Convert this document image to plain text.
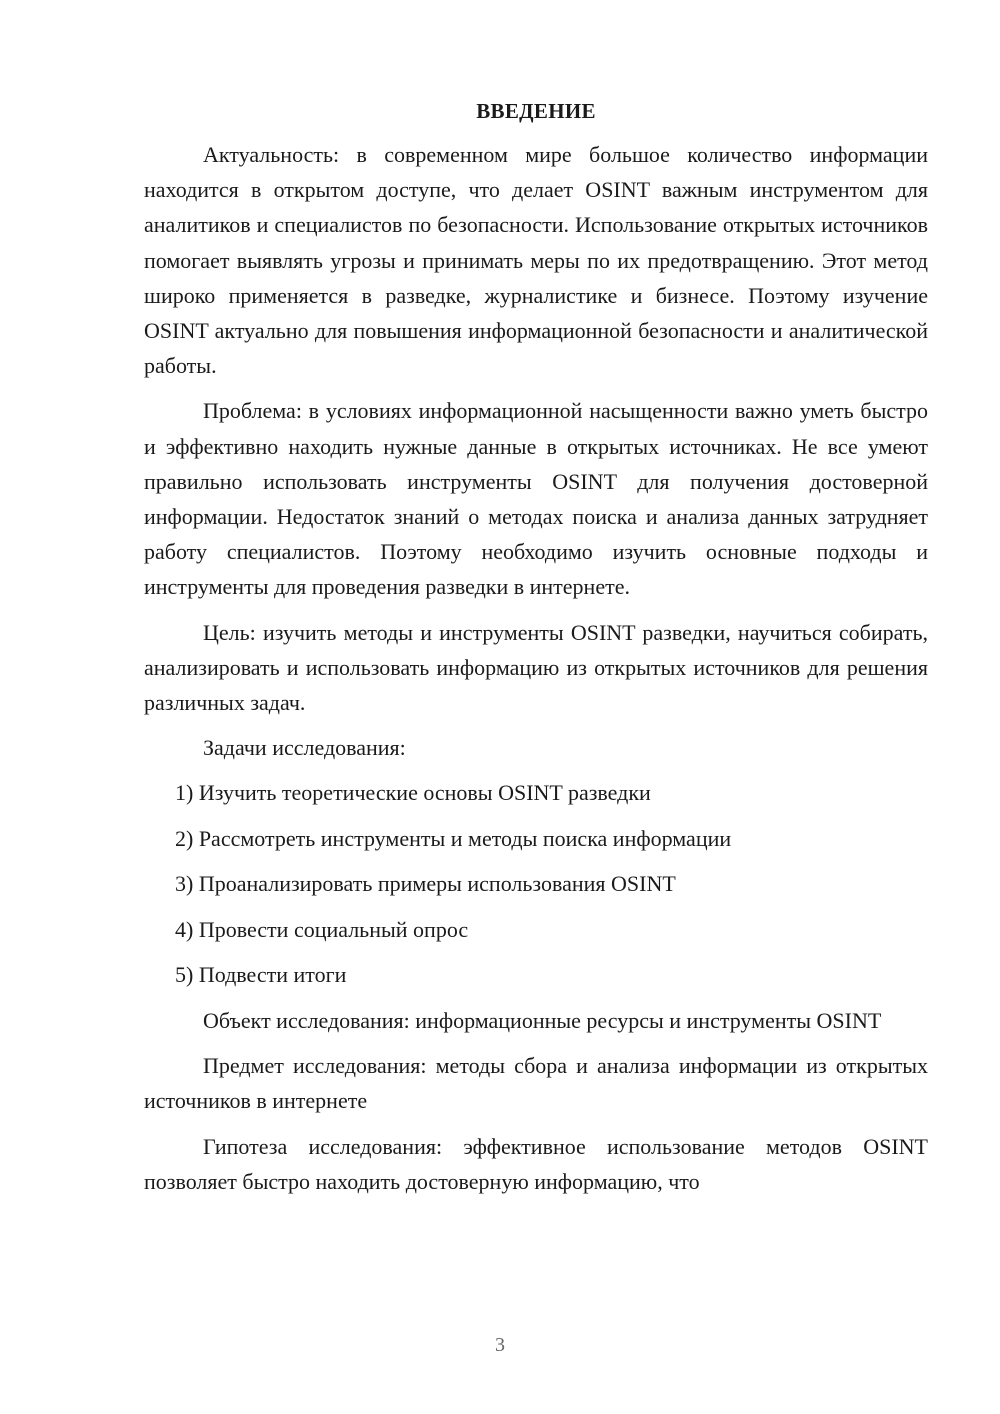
ВВЕДЕНИЕ

Актуальность: в современном мире большое количество информации находится в открытом доступе, что делает OSINT важным инструментом для аналитиков и специалистов по безопасности. Использование открытых источников помогает выявлять угрозы и принимать меры по их предотвращению. Этот метод широко применяется в разведке, журналистике и бизнесе. Поэтому изучение OSINT актуально для повышения информационной безопасности и аналитической работы.

Проблема: в условиях информационной насыщенности важно уметь быстро и эффективно находить нужные данные в открытых источниках. Не все умеют правильно использовать инструменты OSINT для получения достоверной информации. Недостаток знаний о методах поиска и анализа данных затрудняет работу специалистов. Поэтому необходимо изучить основные подходы и инструменты для проведения разведки в интернете.

Цель: изучить методы и инструменты OSINT разведки, научиться собирать, анализировать и использовать информацию из открытых источников для решения различных задач.

Задачи исследования:

1) Изучить теоретические основы OSINT разведки
2) Рассмотреть инструменты и методы поиска информации
3) Проанализировать примеры использования OSINT
4) Провести социальный опрос
5) Подвести итоги

Объект исследования: информационные ресурсы и инструменты OSINT

Предмет исследования: методы сбора и анализа информации из открытых источников в интернете

Гипотеза исследования: эффективное использование методов OSINT позволяет быстро находить достоверную информацию, что

3
